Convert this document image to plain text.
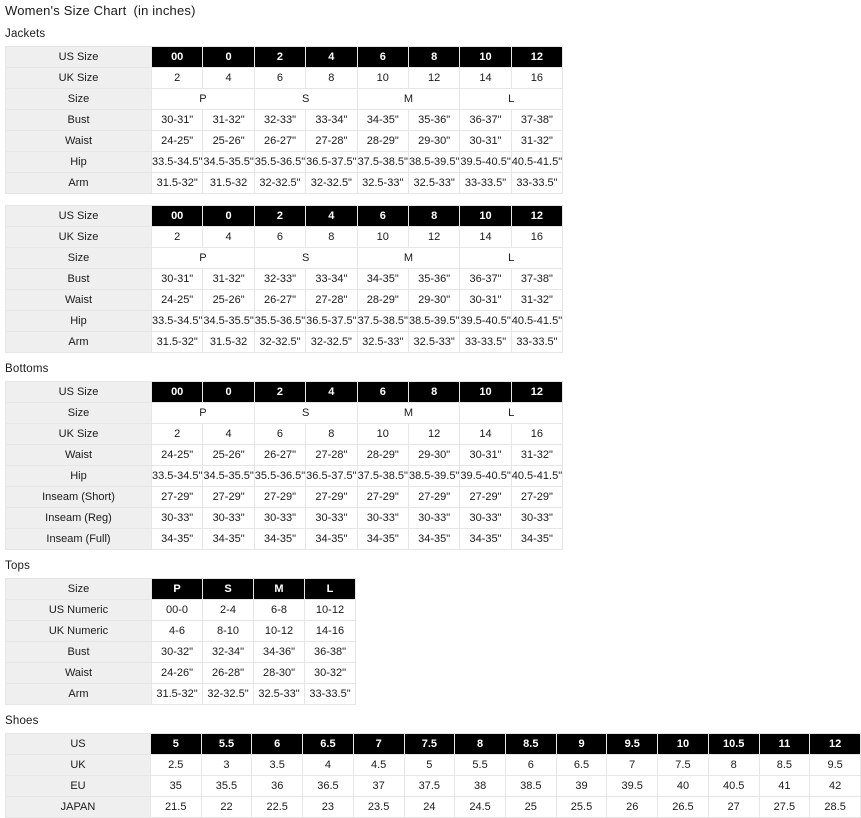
Women's Size Chart (in inches)
Jackets
US Size	00	0	2	4	6	8	10	12
UK Size	2	4	6	8	10	12	14	16
Size	P		S		M		L	
Bust	30-31"	31-32"	32-33"	33-34"	34-35"	35-36"	36-37"	37-38"
Waist	24-25"	25-26"	26-27"	27-28"	28-29"	29-30"	30-31"	31-32"
Hip	33.5-34.5"	34.5-35.5"	35.5-36.5"	36.5-37.5"	37.5-38.5"	38.5-39.5"	39.5-40.5"	40.5-41.5"
Arm	31.5-32"	31.5-32	32-32.5"	32-32.5"	32.5-33"	32.5-33"	33-33.5"	33-33.5"
US Size	00	0	2	4	6	8	10	12
UK Size	2	4	6	8	10	12	14	16
Size	P		S		M		L	
Bust	30-31"	31-32"	32-33"	33-34"	34-35"	35-36"	36-37"	37-38"
Waist	24-25"	25-26"	26-27"	27-28"	28-29"	29-30"	30-31"	31-32"
Hip	33.5-34.5"	34.5-35.5"	35.5-36.5"	36.5-37.5"	37.5-38.5"	38.5-39.5"	39.5-40.5"	40.5-41.5"
Arm	31.5-32"	31.5-32	32-32.5"	32-32.5"	32.5-33"	32.5-33"	33-33.5"	33-33.5"
Bottoms
US Size	00	0	2	4	6	8	10	12
Size	P		S		M		L	
UK Size	2	4	6	8	10	12	14	16
Waist	24-25"	25-26"	26-27"	27-28"	28-29"	29-30"	30-31"	31-32"
Hip	33.5-34.5"	34.5-35.5"	35.5-36.5"	36.5-37.5"	37.5-38.5"	38.5-39.5"	39.5-40.5"	40.5-41.5"
Inseam (Short)	27-29"	27-29"	27-29"	27-29"	27-29"	27-29"	27-29"	27-29"
Inseam (Reg)	30-33"	30-33"	30-33"	30-33"	30-33"	30-33"	30-33"	30-33"
Inseam (Full)	34-35"	34-35"	34-35"	34-35"	34-35"	34-35"	34-35"	34-35"
Tops
Size	P	S	M	L
US Numeric	00-0	2-4	6-8	10-12
UK Numeric	4-6	8-10	10-12	14-16
Bust	30-32"	32-34"	34-36"	36-38"
Waist	24-26"	26-28"	28-30"	30-32"
Arm	31.5-32"	32-32.5"	32.5-33"	33-33.5"
Shoes
US	5	5.5	6	6.5	7	7.5	8	8.5	9	9.5	10	10.5	11	12
UK	2.5	3	3.5	4	4.5	5	5.5	6	6.5	7	7.5	8	8.5	9.5
EU	35	35.5	36	36.5	37	37.5	38	38.5	39	39.5	40	40.5	41	42
JAPAN	21.5	22	22.5	23	23.5	24	24.5	25	25.5	26	26.5	27	27.5	28.5
